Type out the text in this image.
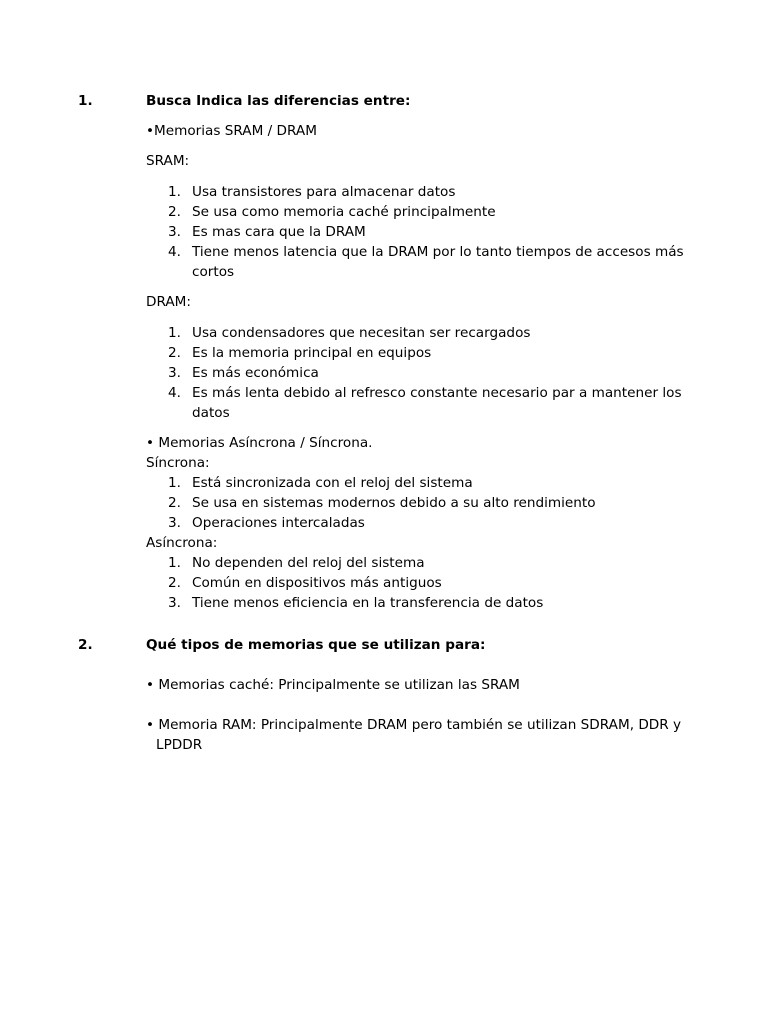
1.	Busca Indica las diferencias entre:
•Memorias SRAM / DRAM
SRAM:
1. Usa transistores para almacenar datos
2. Se usa como memoria caché principalmente
3. Es mas cara que la DRAM
4. Tiene menos latencia que la DRAM por lo tanto tiempos de accesos más cortos
DRAM:
1. Usa condensadores que necesitan ser recargados
2. Es la memoria principal en equipos
3. Es más económica
4. Es más lenta debido al refresco constante necesario par a mantener los datos
• Memorias Asíncrona / Síncrona.
Síncrona:
1. Está sincronizada con el reloj del sistema
2. Se usa en sistemas modernos debido a su alto rendimiento
3. Operaciones intercaladas
Asíncrona:
1. No dependen del reloj del sistema
2. Común en dispositivos más antiguos
3. Tiene menos eficiencia en la transferencia de datos
2.	Qué tipos de memorias que se utilizan para:
• Memorias caché: Principalmente se utilizan las SRAM
• Memoria RAM: Principalmente DRAM pero también se utilizan SDRAM, DDR y LPDDR
